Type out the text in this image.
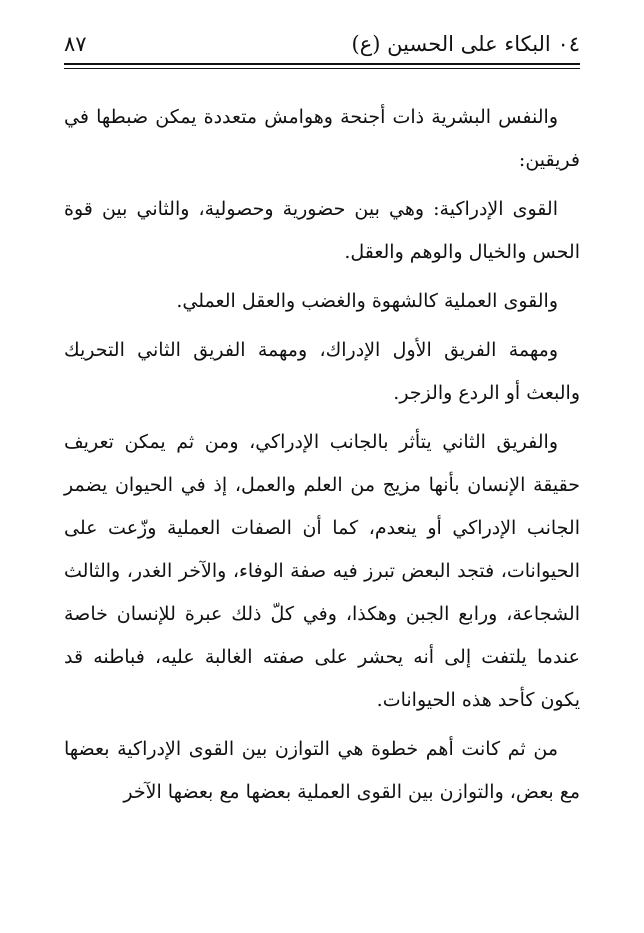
٠٤ البكاء على الحسين (ع)
٨٧

والنفس البشرية ذات أجنحة وهوامش متعددة يمكن ضبطها في فريقين:

القوى الإدراكية: وهي بين حضورية وحصولية، والثاني بين قوة الحس والخيال والوهم والعقل.

والقوى العملية كالشهوة والغضب والعقل العملي.

ومهمة الفريق الأول الإدراك، ومهمة الفريق الثاني التحريك والبعث أو الردع والزجر.

والفريق الثاني يتأثر بالجانب الإدراكي، ومن ثم يمكن تعريف حقيقة الإنسان بأنها مزيج من العلم والعمل، إذ في الحيوان يضمر الجانب الإدراكي أو ينعدم، كما أن الصفات العملية وزّعت على الحيوانات، فتجد البعض تبرز فيه صفة الوفاء، والآخر الغدر، والثالث الشجاعة، ورابع الجبن وهكذا، وفي كلّ ذلك عبرة للإنسان خاصة عندما يلتفت إلى أنه يحشر على صفته الغالبة عليه، فباطنه قد يكون كأحد هذه الحيوانات.

من ثم كانت أهم خطوة هي التوازن بين القوى الإدراكية بعضها مع بعض، والتوازن بين القوى العملية بعضها مع بعضها الآخر
